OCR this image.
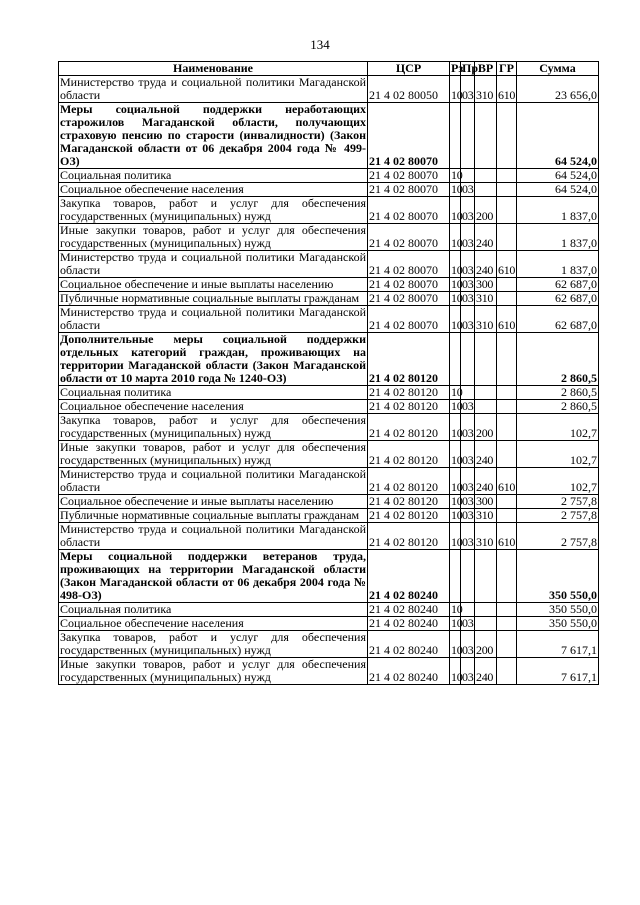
134
Наименование	ЦСР	Рз	Пр	ВР	ГР	Сумма
Министерство труда и социальной политики Магаданской области	21 4 02 80050	10	03	310	610	23 656,0
Меры социальной поддержки неработающих старожилов Магаданской области, получающих страховую пенсию по старости (инвалидности) (Закон Магаданской области от 06 декабря 2004 года № 499-ОЗ)	21 4 02 80070					64 524,0
Социальная политика	21 4 02 80070	10				64 524,0
Социальное обеспечение населения	21 4 02 80070	10	03			64 524,0
Закупка товаров, работ и услуг для обеспечения государственных (муниципальных) нужд	21 4 02 80070	10	03	200		1 837,0
Иные закупки товаров, работ и услуг для обеспечения государственных (муниципальных) нужд	21 4 02 80070	10	03	240		1 837,0
Министерство труда и социальной политики Магаданской области	21 4 02 80070	10	03	240	610	1 837,0
Социальное обеспечение и иные выплаты населению	21 4 02 80070	10	03	300		62 687,0
Публичные нормативные социальные выплаты гражданам	21 4 02 80070	10	03	310		62 687,0
Министерство труда и социальной политики Магаданской области	21 4 02 80070	10	03	310	610	62 687,0
Дополнительные меры социальной поддержки отдельных категорий граждан, проживающих на территории Магаданской области (Закон Магаданской области от 10 марта 2010 года № 1240-ОЗ)	21 4 02 80120					2 860,5
Социальная политика	21 4 02 80120	10				2 860,5
Социальное обеспечение населения	21 4 02 80120	10	03			2 860,5
Закупка товаров, работ и услуг для обеспечения государственных (муниципальных) нужд	21 4 02 80120	10	03	200		102,7
Иные закупки товаров, работ и услуг для обеспечения государственных (муниципальных) нужд	21 4 02 80120	10	03	240		102,7
Министерство труда и социальной политики Магаданской области	21 4 02 80120	10	03	240	610	102,7
Социальное обеспечение и иные выплаты населению	21 4 02 80120	10	03	300		2 757,8
Публичные нормативные социальные выплаты гражданам	21 4 02 80120	10	03	310		2 757,8
Министерство труда и социальной политики Магаданской области	21 4 02 80120	10	03	310	610	2 757,8
Меры социальной поддержки ветеранов труда, проживающих на территории Магаданской области (Закон Магаданской области от 06 декабря 2004 года № 498-ОЗ)	21 4 02 80240					350 550,0
Социальная политика	21 4 02 80240	10				350 550,0
Социальное обеспечение населения	21 4 02 80240	10	03			350 550,0
Закупка товаров, работ и услуг для обеспечения государственных (муниципальных) нужд	21 4 02 80240	10	03	200		7 617,1
Иные закупки товаров, работ и услуг для обеспечения государственных (муниципальных) нужд	21 4 02 80240	10	03	240		7 617,1
